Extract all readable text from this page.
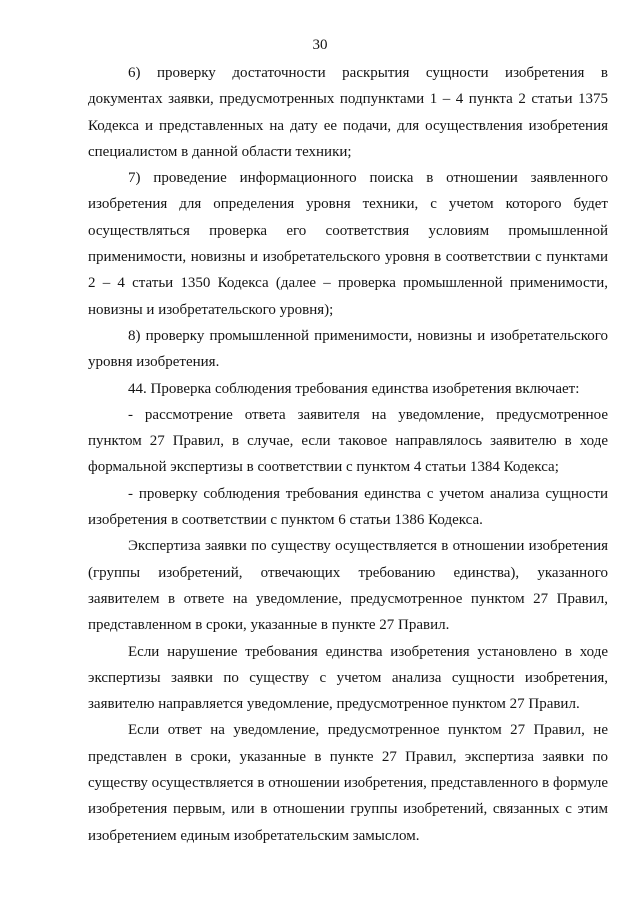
30

6) проверку достаточности раскрытия сущности изобретения в документах заявки, предусмотренных подпунктами 1 – 4 пункта 2 статьи 1375 Кодекса и представленных на дату ее подачи, для осуществления изобретения специалистом в данной области техники;

7) проведение информационного поиска в отношении заявленного изобретения для определения уровня техники, с учетом которого будет осуществляться проверка его соответствия условиям промышленной применимости, новизны и изобретательского уровня в соответствии с пунктами 2 – 4 статьи 1350 Кодекса (далее – проверка промышленной применимости, новизны и изобретательского уровня);

8) проверку промышленной применимости, новизны и изобретательского уровня изобретения.

44. Проверка соблюдения требования единства изобретения включает:

- рассмотрение ответа заявителя на уведомление, предусмотренное пунктом 27 Правил, в случае, если таковое направлялось заявителю в ходе формальной экспертизы в соответствии с пунктом 4 статьи 1384 Кодекса;

- проверку соблюдения требования единства с учетом анализа сущности изобретения в соответствии с пунктом 6 статьи 1386 Кодекса.

Экспертиза заявки по существу осуществляется в отношении изобретения (группы изобретений, отвечающих требованию единства), указанного заявителем в ответе на уведомление, предусмотренное пунктом 27 Правил, представленном в сроки, указанные в пункте 27 Правил.

Если нарушение требования единства изобретения установлено в ходе экспертизы заявки по существу с учетом анализа сущности изобретения, заявителю направляется уведомление, предусмотренное пунктом 27 Правил.

Если ответ на уведомление, предусмотренное пунктом 27 Правил, не представлен в сроки, указанные в пункте 27 Правил, экспертиза заявки по существу осуществляется в отношении изобретения, представленного в формуле изобретения первым, или в отношении группы изобретений, связанных с этим изобретением единым изобретательским замыслом.
